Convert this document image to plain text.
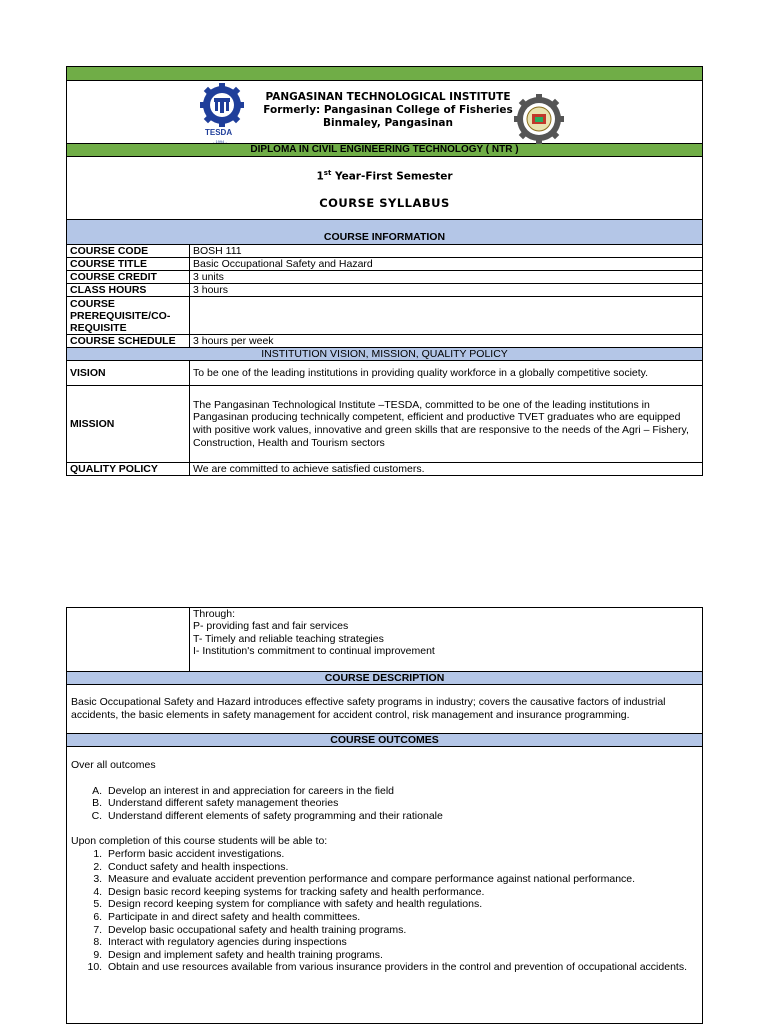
TESDA
- 1994 -
PANGASINAN TECHNOLOGICAL INSTITUTE
Formerly: Pangasinan College of Fisheries
Binmaley, Pangasinan	

DIPLOMA IN CIVIL ENGINEERING TECHNOLOGY ( NTR )	

1st Year-First Semester
COURSE SYLLABUS	

COURSE INFORMATION	
COURSE CODE	BOSH 111
COURSE TITLE	Basic Occupational Safety and Hazard
COURSE CREDIT	3 units
CLASS HOURS	3 hours
COURSE PREREQUISITE/CO-REQUISITE	
COURSE SCHEDULE	3 hours per week
INSTITUTION VISION, MISSION, QUALITY POLICY	
VISION	To be one of the leading institutions in providing quality workforce in a globally competitive society.
MISSION	The Pangasinan Technological Institute –TESDA, committed to be one of the leading institutions in Pangasinan producing technically competent, efficient and productive TVET graduates who are equipped with positive work values, innovative and green skills that are responsive to the needs of the Agri – Fishery, Construction, Health and Tourism sectors
QUALITY POLICY	We are committed to achieve satisfied customers.

Through:
P- providing fast and fair services
T- Timely and reliable teaching strategies
I- Institution's commitment to continual improvement

COURSE DESCRIPTION
Basic Occupational Safety and Hazard introduces effective safety programs in industry; covers the causative factors of industrial accidents, the basic elements in safety management for accident control, risk management and insurance programming.
COURSE OUTCOMES

Over all outcomes
A. Develop an interest in and appreciation for careers in the field
B. Understand different safety management theories
C. Understand different elements of safety programming and their rationale
Upon completion of this course students will be able to:
1. Perform basic accident investigations.
2. Conduct safety and health inspections.
3. Measure and evaluate accident prevention performance and compare performance against national performance.
4. Design basic record keeping systems for tracking safety and health performance.
5. Design record keeping system for compliance with safety and health regulations.
6. Participate in and direct safety and health committees.
7. Develop basic occupational safety and health training programs.
8. Interact with regulatory agencies during inspections
9. Design and implement safety and health training programs.
10. Obtain and use resources available from various insurance providers in the control and prevention of occupational accidents.
